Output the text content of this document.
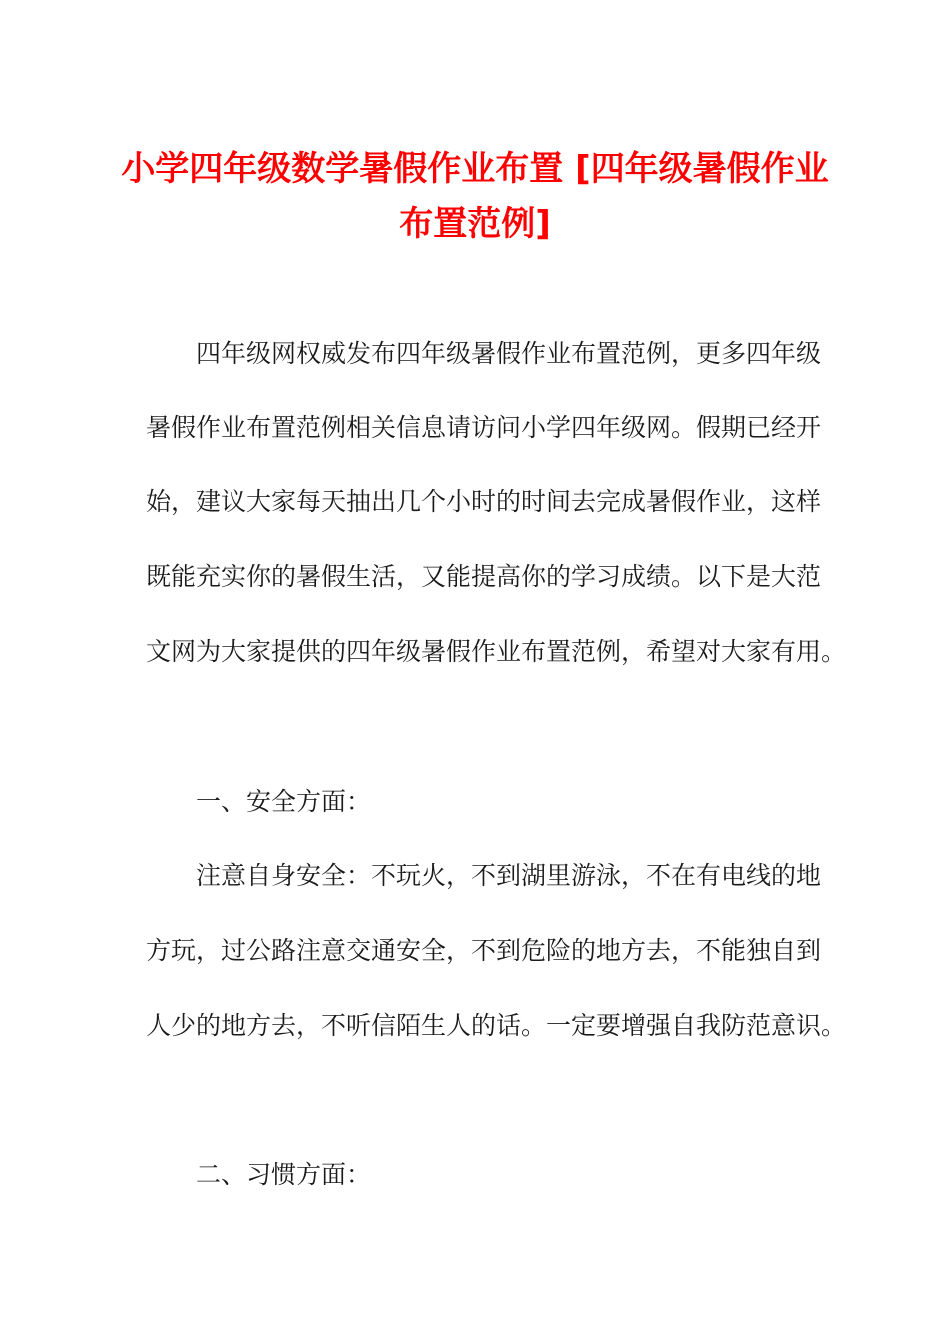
小学四年级数学暑假作业布置 [四年级暑假作业布置范例]

四年级网权威发布四年级暑假作业布置范例，更多四年级

暑假作业布置范例相关信息请访问小学四年级网。假期已经开

始，建议大家每天抽出几个小时的时间去完成暑假作业，这样

既能充实你的暑假生活，又能提高你的学习成绩。以下是大范

文网为大家提供的四年级暑假作业布置范例，希望对大家有用。

一、安全方面：

注意自身安全：不玩火，不到湖里游泳，不在有电线的地

方玩，过公路注意交通安全，不到危险的地方去，不能独自到

人少的地方去，不听信陌生人的话。一定要增强自我防范意识。

二、习惯方面：
